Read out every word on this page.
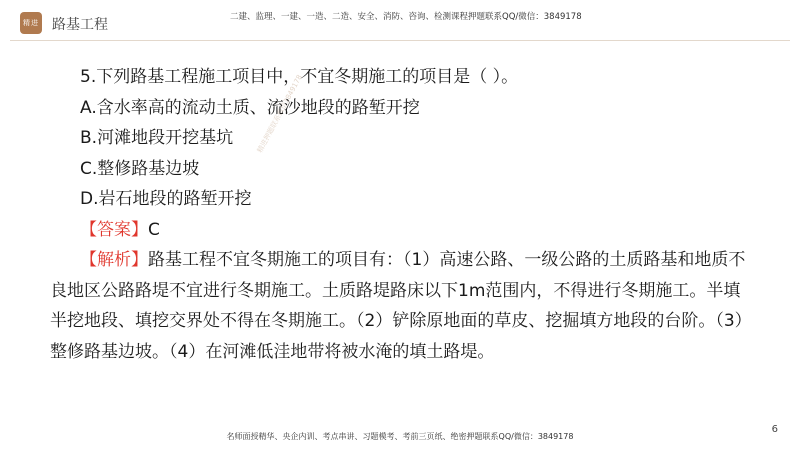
精进 路基工程	二建、监理、一建、一造、二造、安全、消防、咨询、检测课程押题联系QQ/微信：3849178
精进押题联系微信3849178
5.下列路基工程施工项目中，不宜冬期施工的项目是（ ）。
A.含水率高的流动土质、流沙地段的路堑开挖
B.河滩地段开挖基坑
C.整修路基边坡
D.岩石地段的路堑开挖
【答案】C
【解析】路基工程不宜冬期施工的项目有：（1）高速公路、一级公路的土质路基和地质不良地区公路路堤不宜进行冬期施工。土质路堤路床以下1m范围内，不得进行冬期施工。半填半挖地段、填挖交界处不得在冬期施工。（2）铲除原地面的草皮、挖掘填方地段的台阶。（3）整修路基边坡。（4）在河滩低洼地带将被水淹的填土路堤。
6
名师面授精华、央企内训、考点串讲、习题模考、考前三页纸、绝密押题联系QQ/微信：3849178
